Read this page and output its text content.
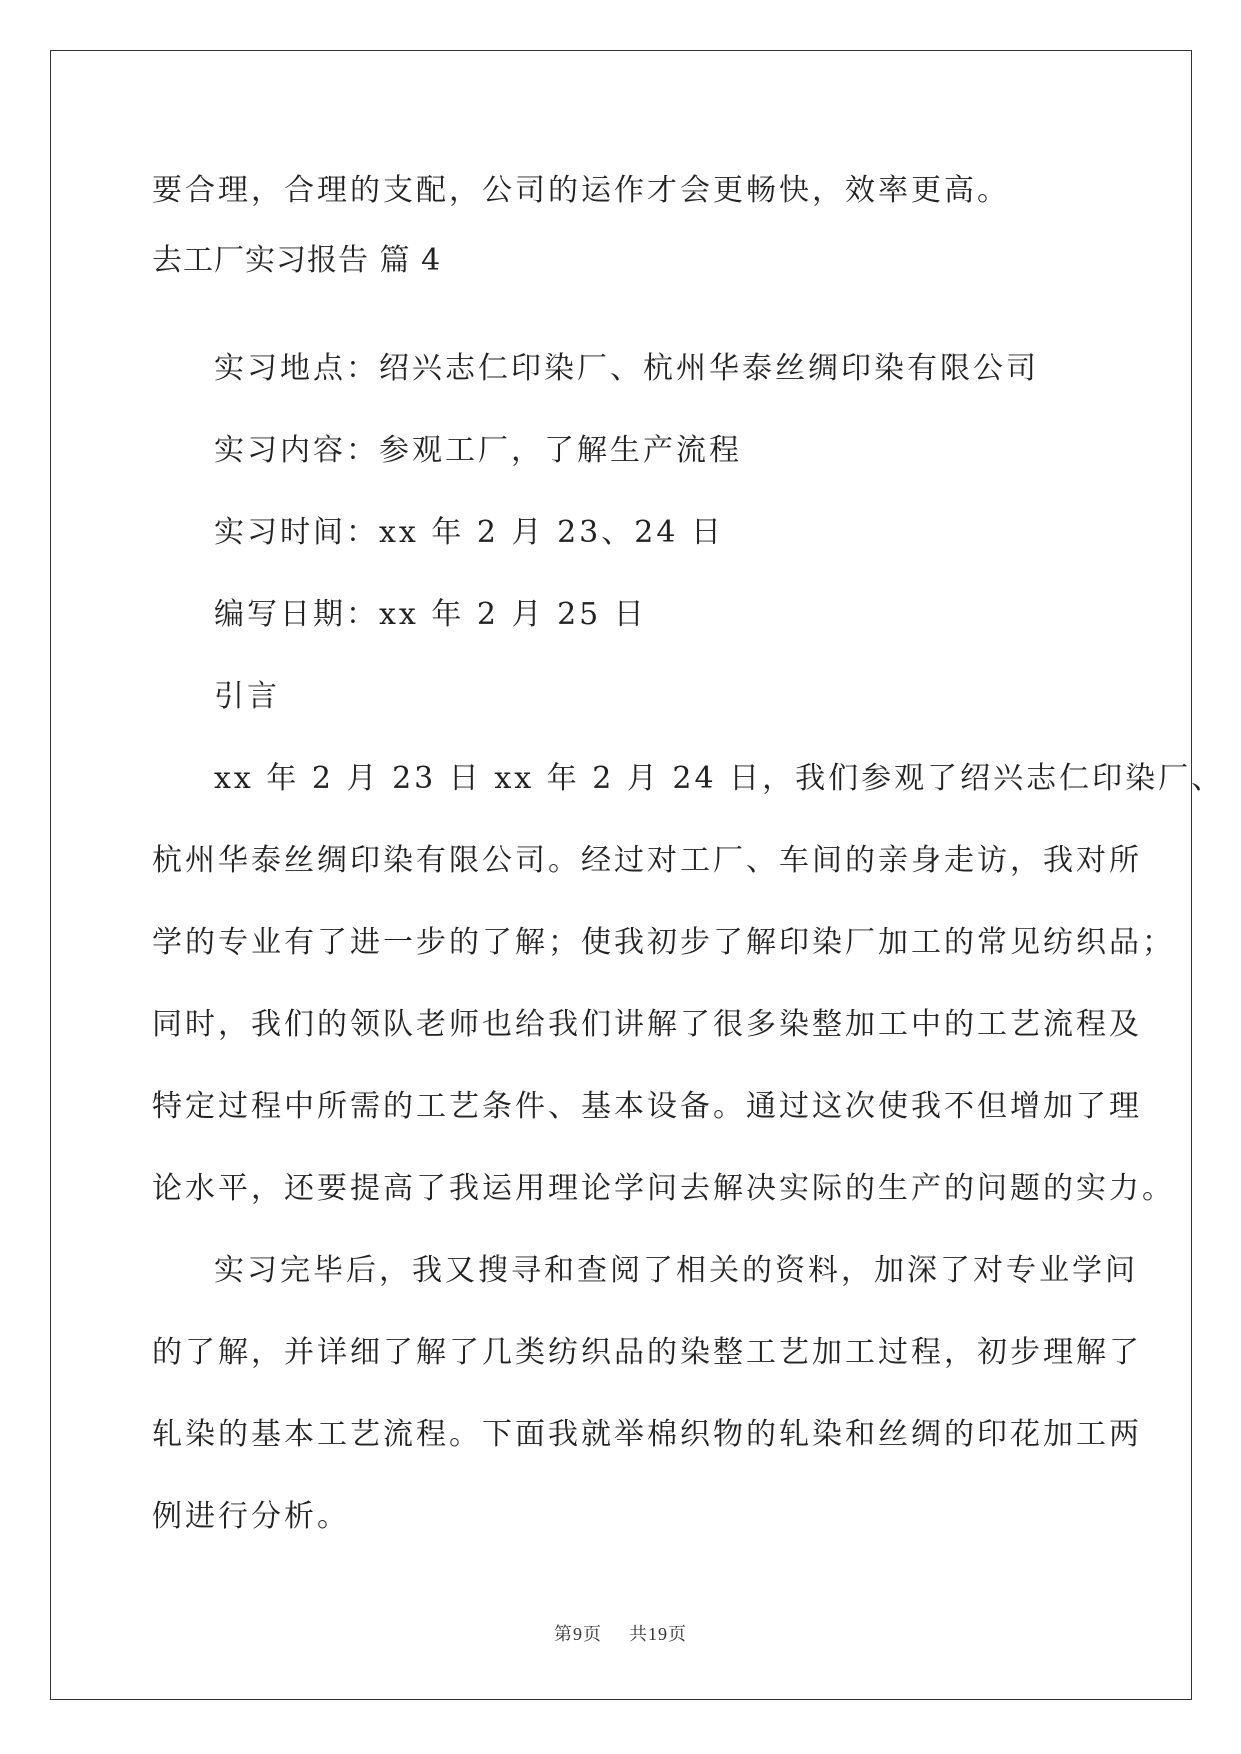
要合理，合理的支配，公司的运作才会更畅快，效率更高。

去工厂实习报告 篇 4

实习地点：绍兴志仁印染厂、杭州华泰丝绸印染有限公司

实习内容：参观工厂，了解生产流程

实习时间：xx 年 2 月 23、24 日

编写日期：xx 年 2 月 25 日

引言

xx 年 2 月 23 日 xx 年 2 月 24 日，我们参观了绍兴志仁印染厂、
杭州华泰丝绸印染有限公司。经过对工厂、车间的亲身走访，我对所
学的专业有了进一步的了解；使我初步了解印染厂加工的常见纺织品；
同时，我们的领队老师也给我们讲解了很多染整加工中的工艺流程及
特定过程中所需的工艺条件、基本设备。通过这次使我不但增加了理
论水平，还要提高了我运用理论学问去解决实际的生产的问题的实力。

实习完毕后，我又搜寻和查阅了相关的资料，加深了对专业学问
的了解，并详细了解了几类纺织品的染整工艺加工过程，初步理解了
轧染的基本工艺流程。下面我就举棉织物的轧染和丝绸的印花加工两
例进行分析。

第9页 共19页
